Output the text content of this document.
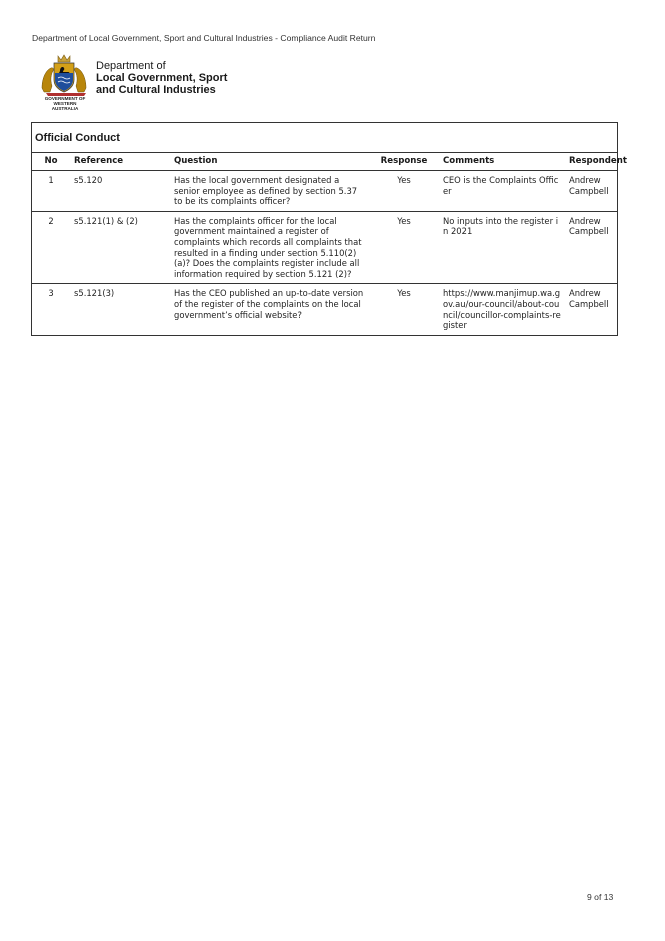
Department of Local Government, Sport and Cultural Industries - Compliance Audit Return
GOVERNMENT OF
WESTERN AUSTRALIA
Department of
Local Government, Sport
and Cultural Industries
Official Conduct
No	Reference	Question	Response	Comments	Respondent
1	s5.120	Has the local government designated a senior employee as defined by section 5.37 to be its complaints officer?	Yes	CEO is the Complaints Officer	Andrew Campbell
2	s5.121(1) & (2)	Has the complaints officer for the local government maintained a register of complaints which records all complaints that resulted in a finding under section 5.110(2)(a)? Does the complaints register include all information required by section 5.121 (2)?	Yes	No inputs into the register in 2021	Andrew Campbell
3	s5.121(3)	Has the CEO published an up-to-date version of the register of the complaints on the local government’s official website?	Yes	https://www.manjimup.wa.gov.au/our-council/about-council/councillor-complaints-register	Andrew Campbell
9 of 13
